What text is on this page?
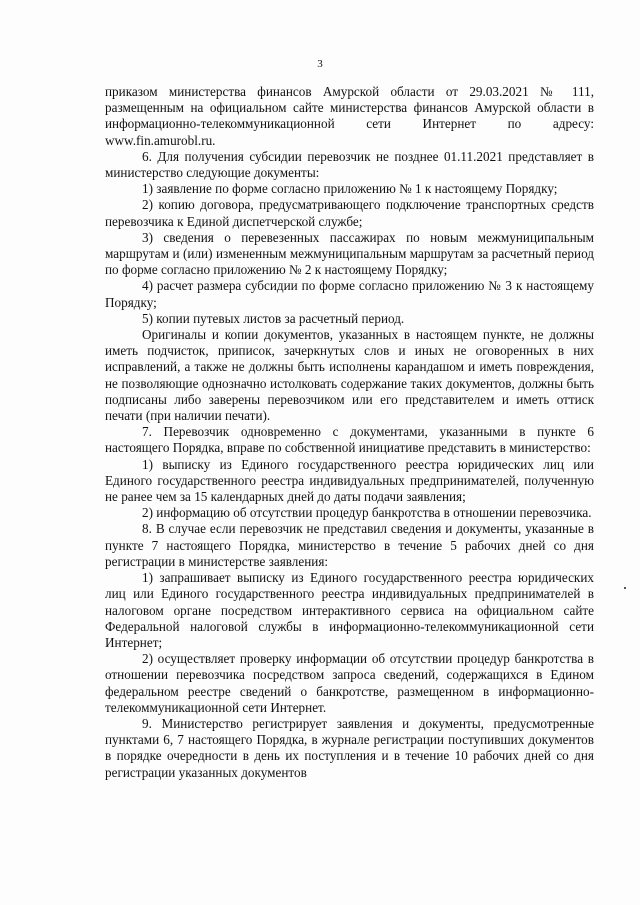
3

приказом министерства финансов Амурской области от 29.03.2021 № 111, размещенным на официальном сайте министерства финансов Амурской области в информационно-телекоммуникационной сети Интернет по адресу: www.fin.amurobl.ru.

6. Для получения субсидии перевозчик не позднее 01.11.2021 представляет в министерство следующие документы:

1) заявление по форме согласно приложению № 1 к настоящему Порядку;

2) копию договора, предусматривающего подключение транспортных средств перевозчика к Единой диспетчерской службе;

3) сведения о перевезенных пассажирах по новым межмуниципальным маршрутам и (или) измененным межмуниципальным маршрутам за расчетный период по форме согласно приложению № 2 к настоящему Порядку;

4) расчет размера субсидии по форме согласно приложению № 3 к настоящему Порядку;

5) копии путевых листов за расчетный период.

Оригиналы и копии документов, указанных в настоящем пункте, не должны иметь подчисток, приписок, зачеркнутых слов и иных не оговоренных в них исправлений, а также не должны быть исполнены карандашом и иметь повреждения, не позволяющие однозначно истолковать содержание таких документов, должны быть подписаны либо заверены перевозчиком или его представителем и иметь оттиск печати (при наличии печати).

7. Перевозчик одновременно с документами, указанными в пункте 6 настоящего Порядка, вправе по собственной инициативе представить в министерство:

1) выписку из Единого государственного реестра юридических лиц или Единого государственного реестра индивидуальных предпринимателей, полученную не ранее чем за 15 календарных дней до даты подачи заявления;

2) информацию об отсутствии процедур банкротства в отношении перевозчика.

8. В случае если перевозчик не представил сведения и документы, указанные в пункте 7 настоящего Порядка, министерство в течение 5 рабочих дней со дня регистрации в министерстве заявления:

1) запрашивает выписку из Единого государственного реестра юридических лиц или Единого государственного реестра индивидуальных предпринимателей в налоговом органе посредством интерактивного сервиса на официальном сайте Федеральной налоговой службы в информационно-телекоммуникационной сети Интернет;

2) осуществляет проверку информации об отсутствии процедур банкротства в отношении перевозчика посредством запроса сведений, содержащихся в Едином федеральном реестре сведений о банкротстве, размещенном в информационно-телекоммуникационной сети Интернет.

9. Министерство регистрирует заявления и документы, предусмотренные пунктами 6, 7 настоящего Порядка, в журнале регистрации поступивших документов в порядке очередности в день их поступления и в течение 10 рабочих дней со дня регистрации указанных документов
